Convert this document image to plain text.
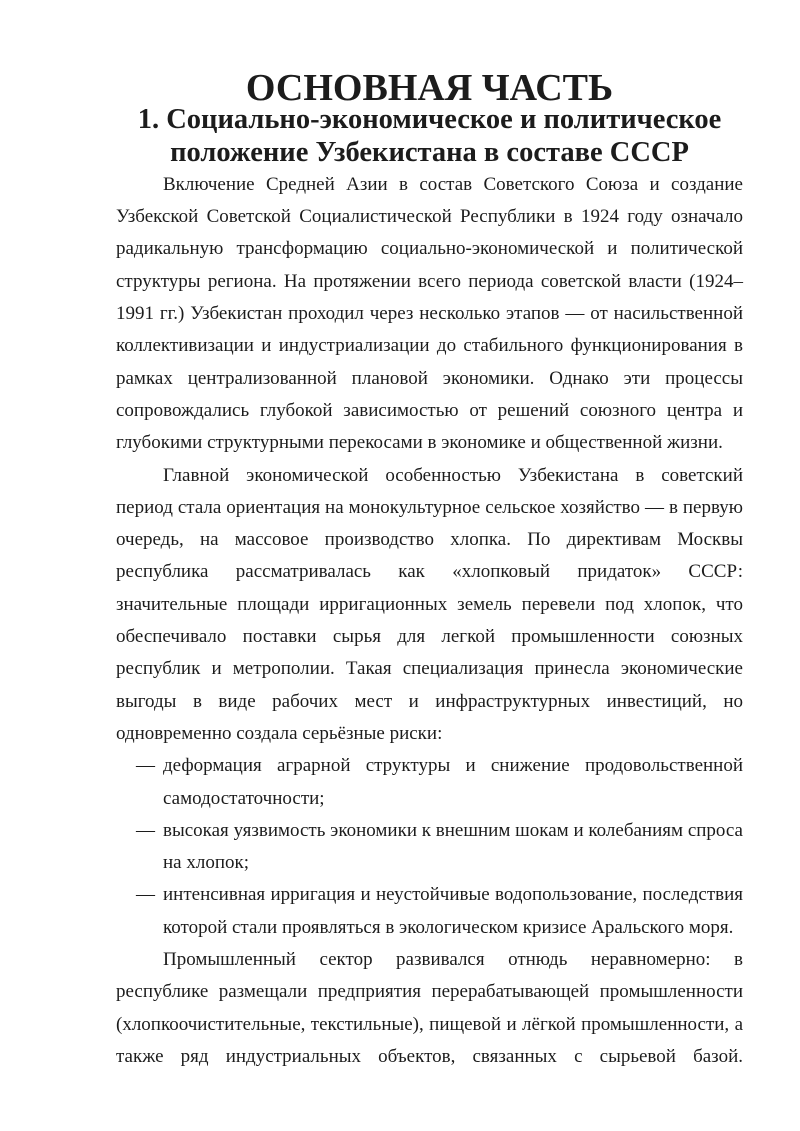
ОСНОВНАЯ ЧАСТЬ
1. Социально-экономическое и политическое положение Узбекистана в составе СССР

Включение Средней Азии в состав Советского Союза и создание Узбекской Советской Социалистической Республики в 1924 году означало радикальную трансформацию социально-экономической и политической структуры региона. На протяжении всего периода советской власти (1924–1991 гг.) Узбекистан проходил через несколько этапов — от насильственной коллективизации и индустриализации до стабильного функционирования в рамках централизованной плановой экономики. Однако эти процессы сопровождались глубокой зависимостью от решений союзного центра и глубокими структурными перекосами в экономике и общественной жизни.

Главной экономической особенностью Узбекистана в советский период стала ориентация на монокультурное сельское хозяйство — в первую очередь, на массовое производство хлопка. По директивам Москвы республика рассматривалась как «хлопковый придаток» СССР: значительные площади ирригационных земель перевели под хлопок, что обеспечивало поставки сырья для легкой промышленности союзных республик и метрополии. Такая специализация принесла экономические выгоды в виде рабочих мест и инфраструктурных инвестиций, но одновременно создала серьёзные риски:

— деформация аграрной структуры и снижение продовольственной самодостаточности;
— высокая уязвимость экономики к внешним шокам и колебаниям спроса на хлопок;
— интенсивная ирригация и неустойчивые водопользование, последствия которой стали проявляться в экологическом кризисе Аральского моря.

Промышленный сектор развивался отнюдь неравномерно: в республике размещали предприятия перерабатывающей промышленности (хлопкоочистительные, текстильные), пищевой и лёгкой промышленности, а также ряд индустриальных объектов, связанных с сырьевой базой.
